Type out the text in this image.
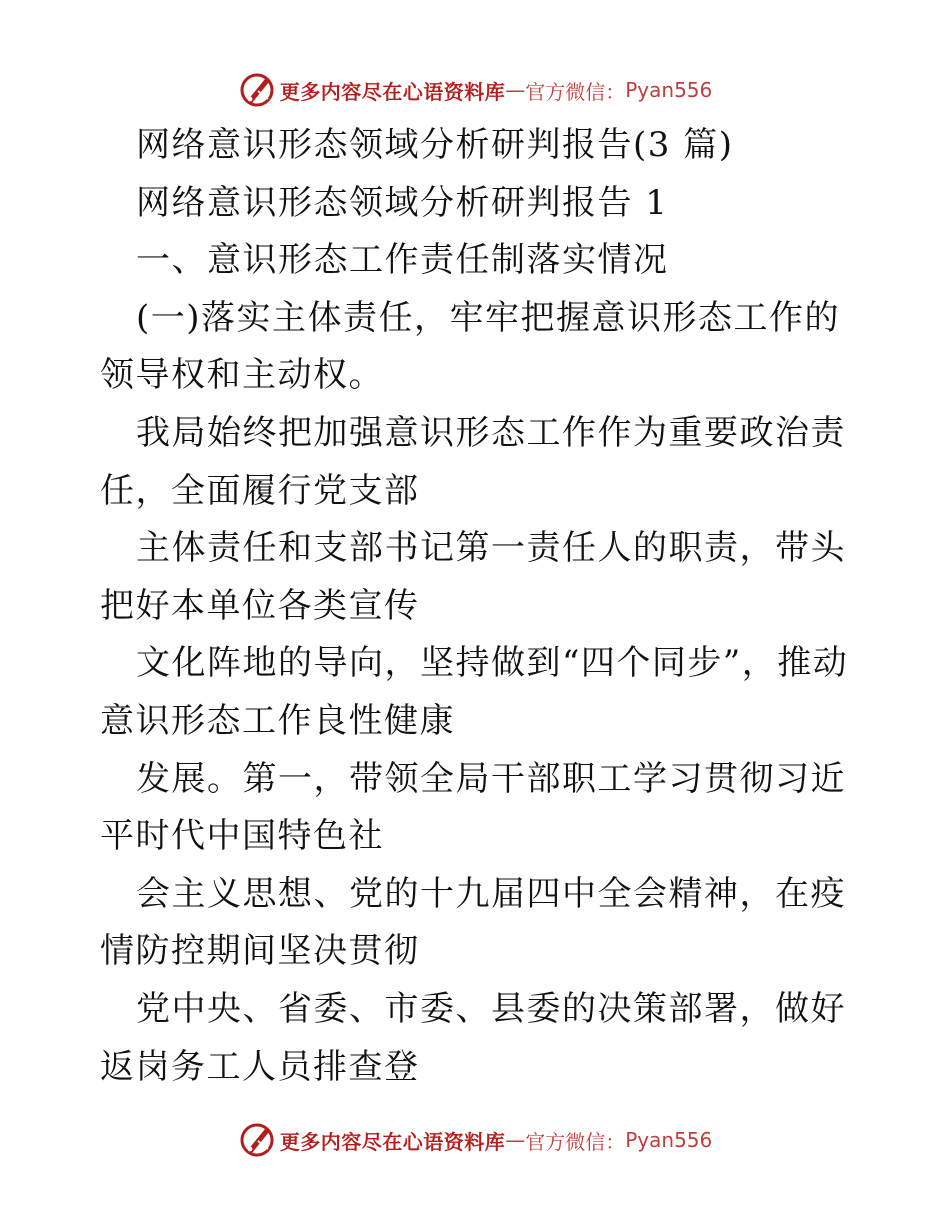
更多内容尽在心语资料库 — 官方微信： Pyan556

网络意识形态领域分析研判报告(3 篇)

网络意识形态领域分析研判报告 1

一、意识形态工作责任制落实情况

(一)落实主体责任，牢牢把握意识形态工作的领导权和主动权。

我局始终把加强意识形态工作作为重要政治责任，全面履行党支部

主体责任和支部书记第一责任人的职责，带头把好本单位各类宣传

文化阵地的导向，坚持做到“四个同步”，推动意识形态工作良性健康

发展。第一，带领全局干部职工学习贯彻习近平时代中国特色社

会主义思想、党的十九届四中全会精神，在疫情防控期间坚决贯彻

党中央、省委、市委、县委的决策部署，做好返岗务工人员排查登

更多内容尽在心语资料库 — 官方微信： Pyan556
